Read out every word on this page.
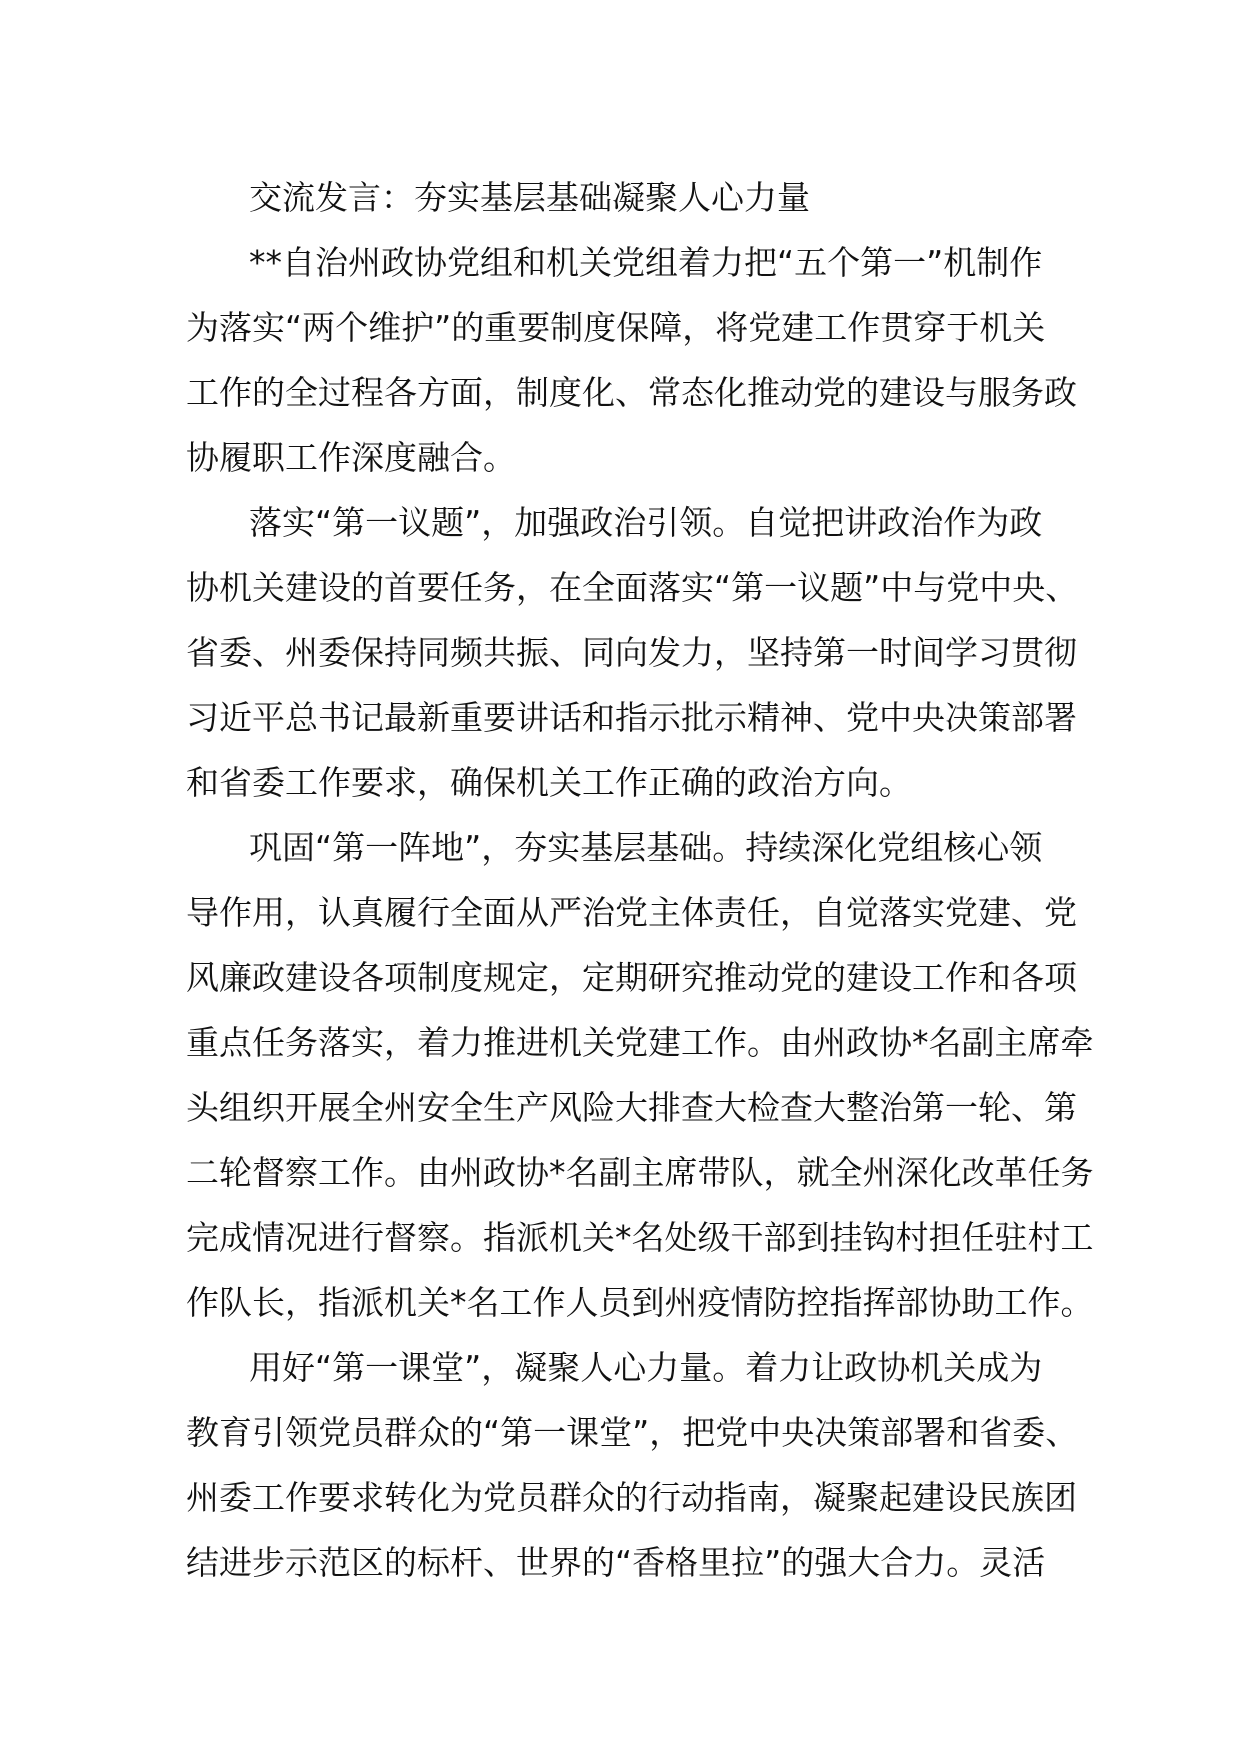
交流发言：夯实基层基础凝聚人心力量
**自治州政协党组和机关党组着力把“五个第一”机制作
为落实“两个维护”的重要制度保障，将党建工作贯穿于机关
工作的全过程各方面，制度化、常态化推动党的建设与服务政
协履职工作深度融合。
落实“第一议题”，加强政治引领。自觉把讲政治作为政
协机关建设的首要任务，在全面落实“第一议题”中与党中央、
省委、州委保持同频共振、同向发力，坚持第一时间学习贯彻
习近平总书记最新重要讲话和指示批示精神、党中央决策部署
和省委工作要求，确保机关工作正确的政治方向。
巩固“第一阵地”，夯实基层基础。持续深化党组核心领
导作用，认真履行全面从严治党主体责任，自觉落实党建、党
风廉政建设各项制度规定，定期研究推动党的建设工作和各项
重点任务落实，着力推进机关党建工作。由州政协*名副主席牵
头组织开展全州安全生产风险大排查大检查大整治第一轮、第
二轮督察工作。由州政协*名副主席带队，就全州深化改革任务
完成情况进行督察。指派机关*名处级干部到挂钩村担任驻村工
作队长，指派机关*名工作人员到州疫情防控指挥部协助工作。
用好“第一课堂”，凝聚人心力量。着力让政协机关成为
教育引领党员群众的“第一课堂”，把党中央决策部署和省委、
州委工作要求转化为党员群众的行动指南，凝聚起建设民族团
结进步示范区的标杆、世界的“香格里拉”的强大合力。灵活
